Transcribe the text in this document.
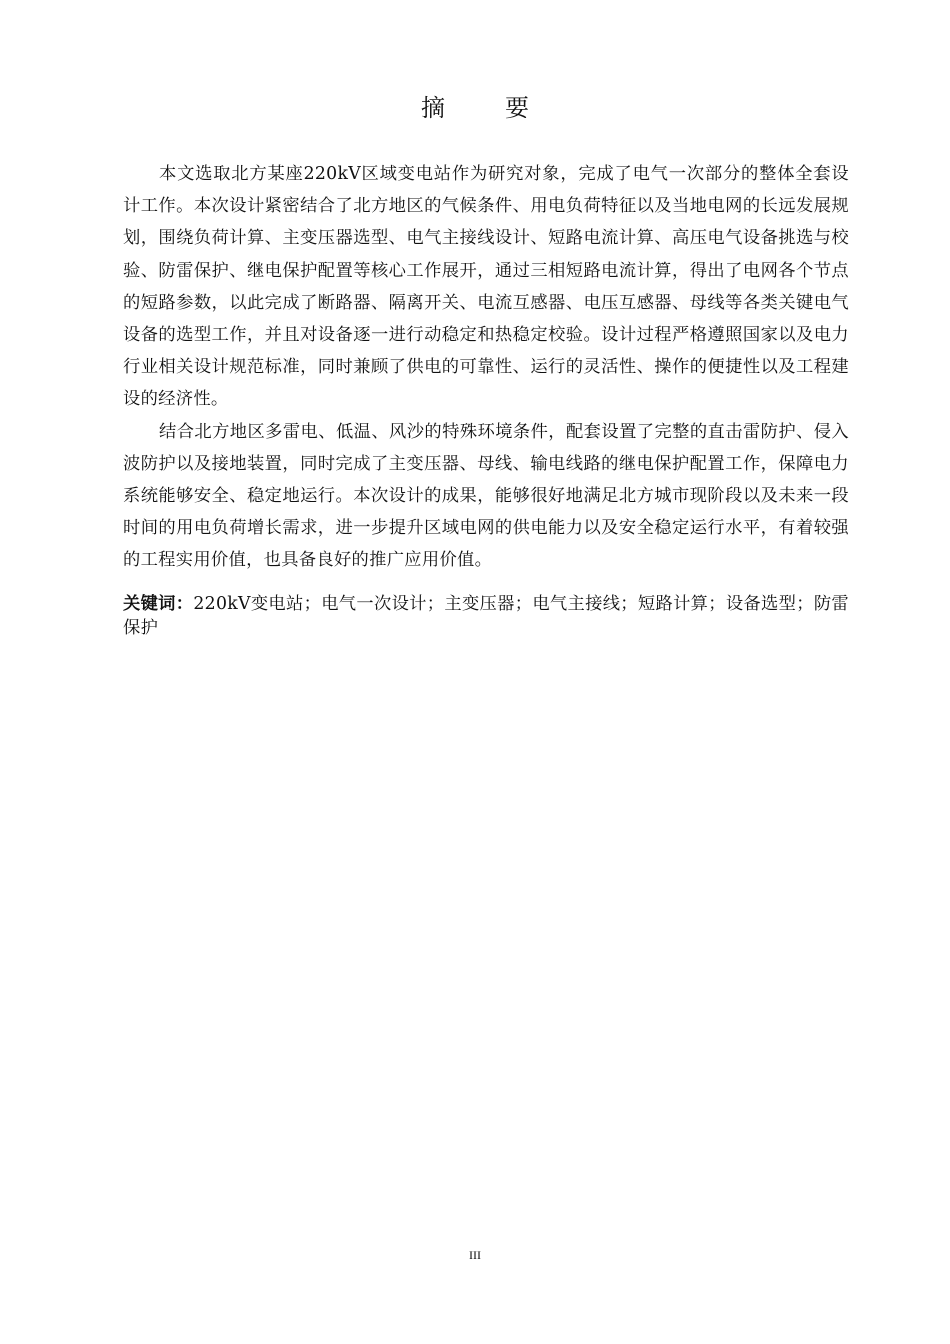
摘　要

本文选取北方某座220kV区域变电站作为研究对象，完成了电气一次部分的整体全套设计工作。本次设计紧密结合了北方地区的气候条件、用电负荷特征以及当地电网的长远发展规划，围绕负荷计算、主变压器选型、电气主接线设计、短路电流计算、高压电气设备挑选与校验、防雷保护、继电保护配置等核心工作展开，通过三相短路电流计算，得出了电网各个节点的短路参数，以此完成了断路器、隔离开关、电流互感器、电压互感器、母线等各类关键电气设备的选型工作，并且对设备逐一进行动稳定和热稳定校验。设计过程严格遵照国家以及电力行业相关设计规范标准，同时兼顾了供电的可靠性、运行的灵活性、操作的便捷性以及工程建设的经济性。

结合北方地区多雷电、低温、风沙的特殊环境条件，配套设置了完整的直击雷防护、侵入波防护以及接地装置，同时完成了主变压器、母线、输电线路的继电保护配置工作，保障电力系统能够安全、稳定地运行。本次设计的成果，能够很好地满足北方城市现阶段以及未来一段时间的用电负荷增长需求，进一步提升区域电网的供电能力以及安全稳定运行水平，有着较强的工程实用价值，也具备良好的推广应用价值。

关键词：220kV变电站；电气一次设计；主变压器；电气主接线；短路计算；设备选型；防雷保护
III
